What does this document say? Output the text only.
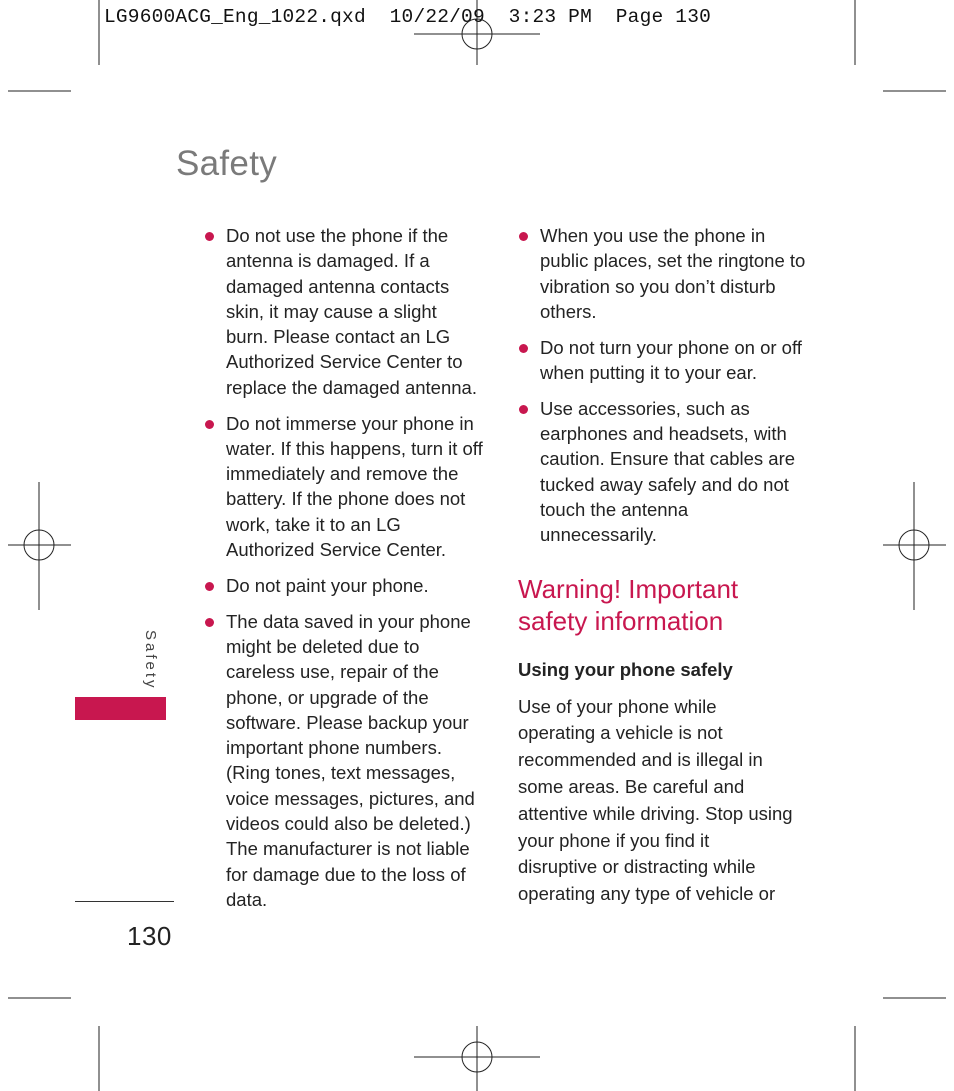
LG9600ACG_Eng_1022.qxd  10/22/09  3:23 PM  Page 130
Safety
Do not use the phone if the antenna is damaged. If a damaged antenna contacts skin, it may cause a slight burn. Please contact an LG Authorized Service Center to replace the damaged antenna.
Do not immerse your phone in water. If this happens, turn it off immediately and remove the battery. If the phone does not work, take it to an LG Authorized Service Center.
Do not paint your phone.
The data saved in your phone might be deleted due to careless use, repair of the phone, or upgrade of the software. Please backup your important phone numbers. (Ring tones, text messages, voice messages, pictures, and videos could also be deleted.) The manufacturer is not liable for damage due to the loss of data.
When you use the phone in public places, set the ringtone to vibration so you don’t disturb others.
Do not turn your phone on or off when putting it to your ear.
Use accessories, such as earphones and headsets, with caution. Ensure that cables are tucked away safely and do not touch the antenna unnecessarily.
Warning! Important safety information
Using your phone safely

Use of your phone while operating a vehicle is not recommended and is illegal in some areas. Be careful and attentive while driving. Stop using your phone if you find it disruptive or distracting while operating any type of vehicle or

Safety
130
